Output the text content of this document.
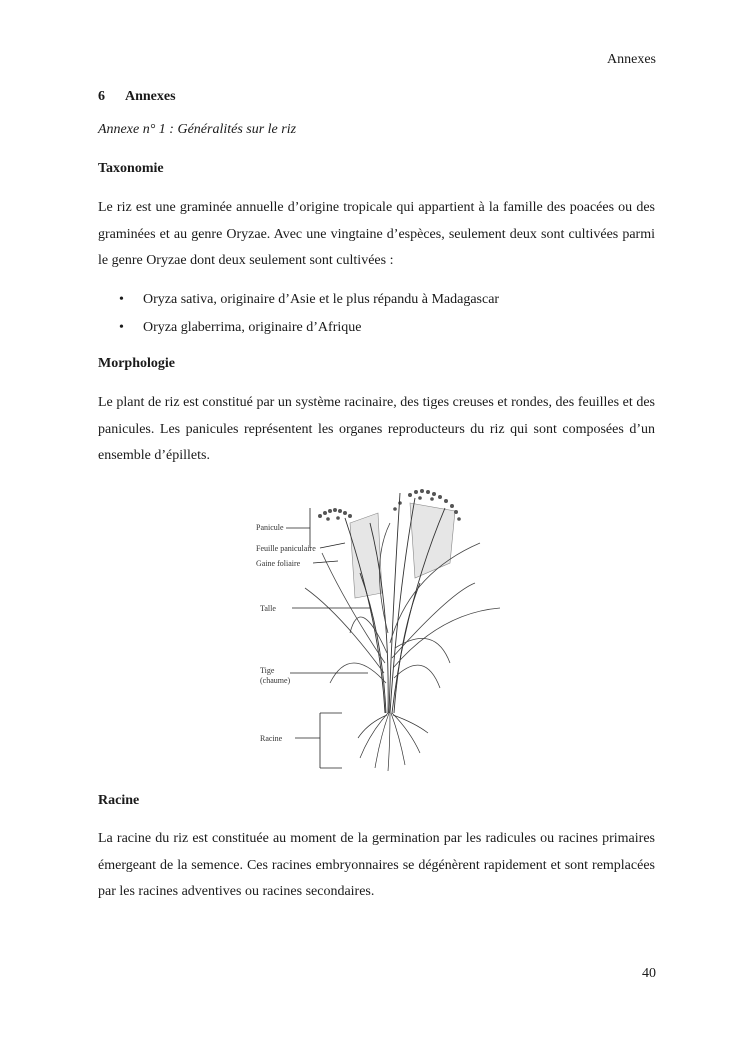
Annexes
6 Annexes
Annexe n° 1 : Généralités sur le riz
Taxonomie

Le riz est une graminée annuelle d’origine tropicale qui appartient à la famille des poacées ou des graminées et au genre Oryzae. Avec une vingtaine d’espèces, seulement deux sont cultivées parmi le genre Oryzae dont deux seulement sont cultivées :

• Oryza sativa, originaire d’Asie et le plus répandu à Madagascar
• Oryza glaberrima, originaire d’Afrique
Morphologie

Le plant de riz est constitué par un système racinaire, des tiges creuses et rondes, des feuilles et des panicules. Les panicules représentent les organes reproducteurs du riz qui sont composées d’un ensemble d’épillets.

Panicule
Feuille paniculaire
Gaine foliaire
Talle
Tige
(chaume)
Racine
Racine

La racine du riz est constituée au moment de la germination par les radicules ou racines primaires émergeant de la semence. Ces racines embryonnaires se dégénèrent rapidement et sont remplacées par les racines adventives ou racines secondaires.

40
